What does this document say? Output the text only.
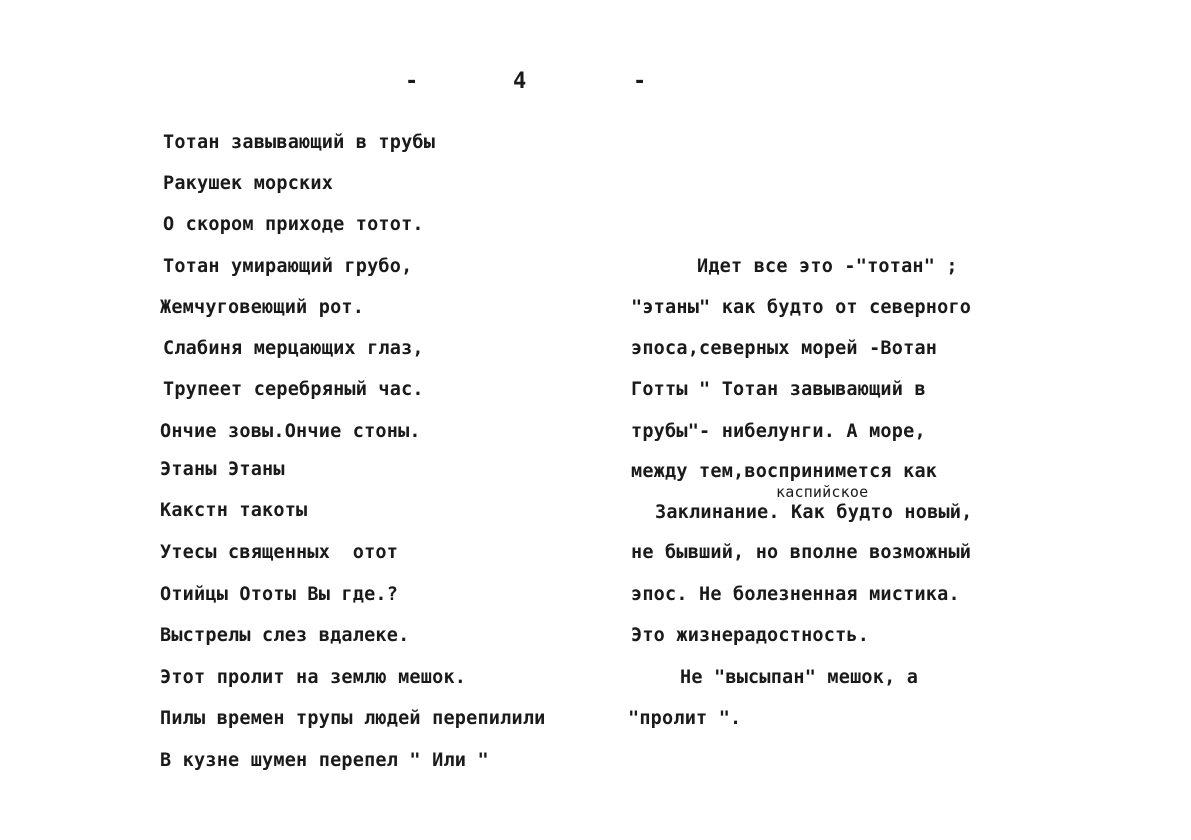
-	4	-
Тотан завывающий в трубы
Ракушек морских
О скором приходе тотот.
Тотан умирающий грубо,
Жемчуговеющий рот.
Слабиня мерцающих глаз,
Трупеет серебряный час.
Ончие зовы.Ончие стоны.
Этаны Этаны
Какстн такоты
Утесы священных  отот
Отийцы Ототы Вы где.?
Выстрелы слез вдалеке.
Этот пролит на землю мешок.
Пилы времен трупы людей перепилили
В кузне шумен перепел " Или "
Идет все это -"тотан" ;
"этаны" как будто от северного
эпоса,северных морей -Вотан
Готты " Тотан завывающий в
трубы"- нибелунги. А море,
между тем,воспринимется как
каспийское
Заклинание. Как будто новый,
не бывший, но вполне возможный
эпос. Не болезненная мистика.
Это жизнерадостность.
Не "высыпан" мешок, а
"пролит ".
